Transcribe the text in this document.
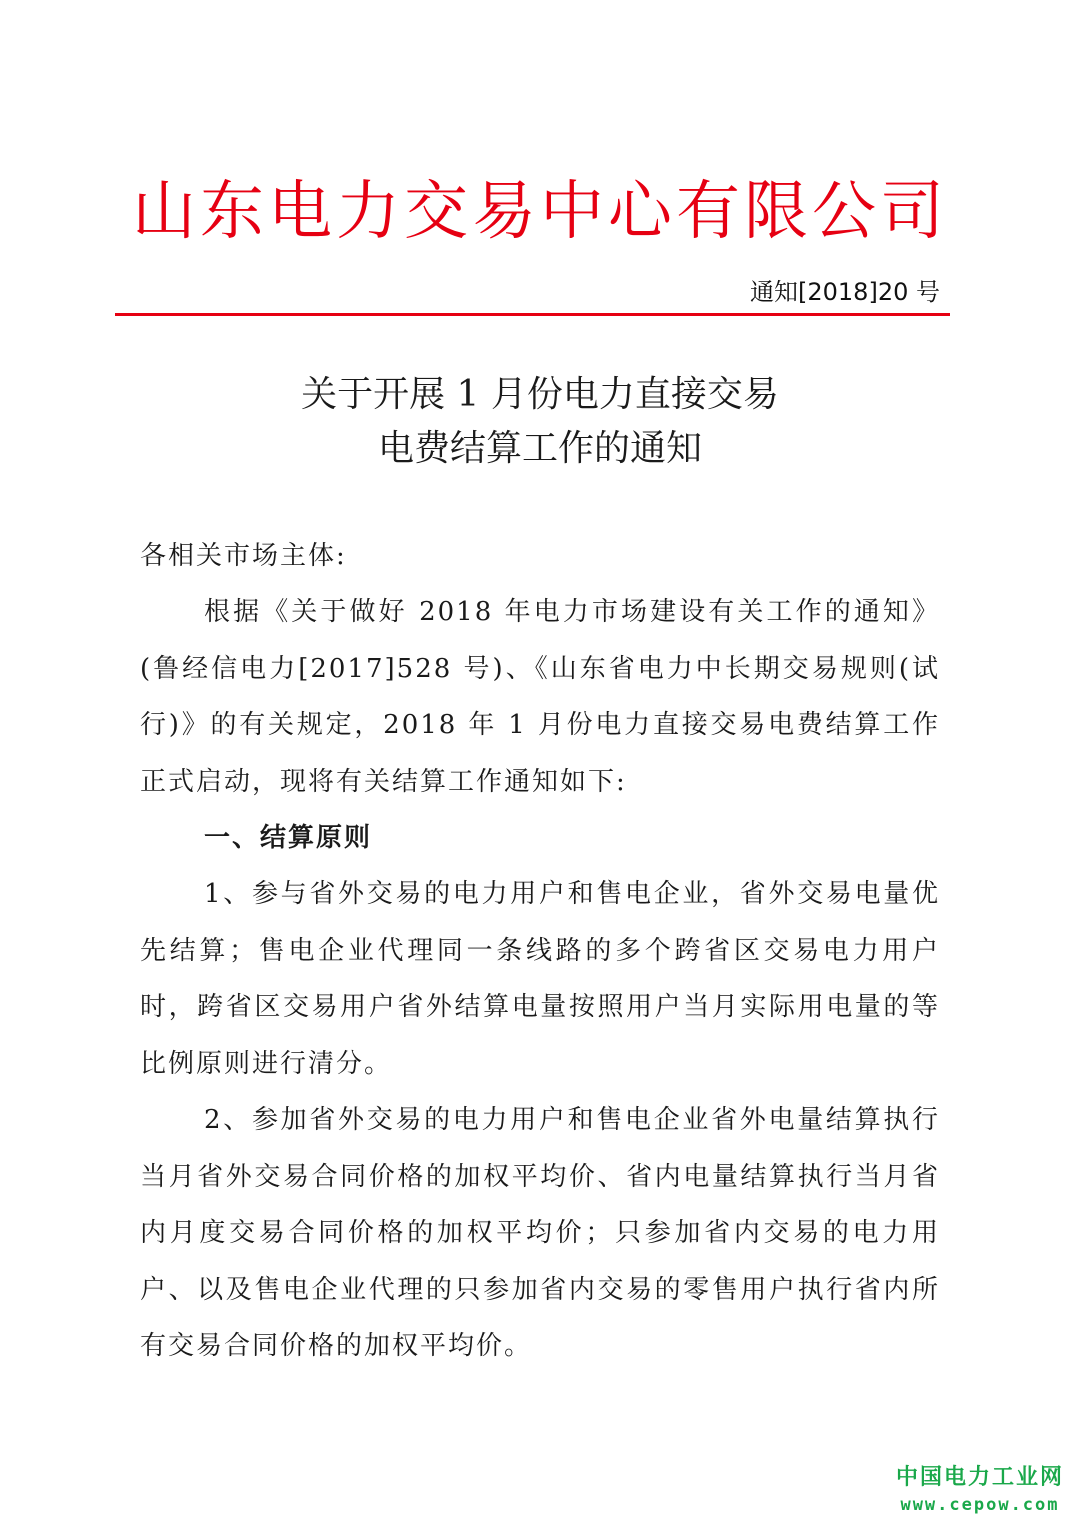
山东电力交易中心有限公司
通知[2018]20 号
关于开展 1 月份电力直接交易
电费结算工作的通知
各相关市场主体:
根据《关于做好 2018 年电力市场建设有关工作的通知》(鲁经信电力[2017]528 号)、《山东省电力中长期交易规则(试行)》的有关规定，2018 年 1 月份电力直接交易电费结算工作正式启动，现将有关结算工作通知如下:
一、结算原则
1、参与省外交易的电力用户和售电企业，省外交易电量优先结算；售电企业代理同一条线路的多个跨省区交易电力用户时，跨省区交易用户省外结算电量按照用户当月实际用电量的等比例原则进行清分。
2、参加省外交易的电力用户和售电企业省外电量结算执行当月省外交易合同价格的加权平均价、省内电量结算执行当月省内月度交易合同价格的加权平均价；只参加省内交易的电力用户、以及售电企业代理的只参加省内交易的零售用户执行省内所有交易合同价格的加权平均价。
中国电力工业网
www.cepow.com
